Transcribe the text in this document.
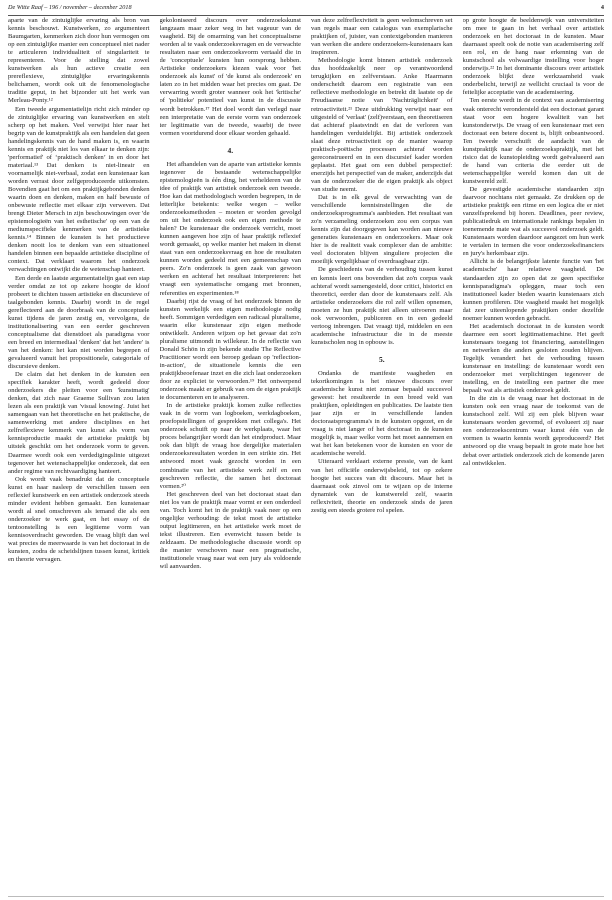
De Witte Raaf – 196 / november – december 2018	4

aparte van de zintuiglijke ervaring als bron van kennis beschouwt. Kunstwerken, zo argumenteert Baumgarten, kenmerken zich door hun vermogen om op een zintuiglijke manier een conceptueel niet nader te articuleren individualiteit of singulariteit te representeren. Voor de stelling dat zowel kunstwerken als hun actieve creatie een prereflexieve, zintuiglijke ervaringskennis belichamen, wordt ook uit de fenomenologische traditie geput, in het bijzonder uit het werk van Merleau-Ponty.¹²

Een tweede argumentatielijn richt zich minder op de zintuiglijke ervaring van kunstwerken en stelt scherp op het maken. Veel verwijst hier naar het begrip van de kunstpraktijk als een handelen dat geen handelingskennis van de hand maken is, en waarin kennis en praktijk niet los van elkaar te denken zijn: 'performatief' of ‘praktisch denken’ in en door het materiaal.¹³ Dat denken is niet-lineair en voornamelijk niet-verbaal, zodat een kunstenaar kan worden verrast door zelfgeproduceerde uitkomsten. Bovendien gaat het om een praktijkgebonden denken waarin doen en denken, maken en half bewuste of onbewuste reflectie met elkaar zijn verweven. Dat brengt Dieter Mersch in zijn beschouwingen over 'de epistemologieën van het esthetische' op een van de mediumspecifieke kenmerken van de artistieke kennis.¹⁴ Binnen de kunsten is het productieve denken nooit los te denken van een situationeel handelen binnen een bepaalde artistieke discipline of context. Dat verklaart waarom het onderzoek verwachtingen ontwijkt die de wetenschap hanteert.

Een derde en laatste argumentatielijn gaat een stap verder omdat ze tot op zekere hoogte de kloof probeert te dichten tussen artistieke en discursieve of taalgebonden kennis. Daarbij wordt in de regel gereflecteerd aan de doorbraak van de conceptuele kunst tijdens de jaren zestig en, vervolgens, de institutionalisering van een eerder geschreven conceptualisme dat dienstdoet als paradigma voor een breed en intermediaal 'denken' dat het 'andere' is van het denken: het kan niet worden begrepen of gevalueerd vanuit het propositionele, categoriale of discursieve denken.

De claim dat het denken in de kunsten een specifiek karakter heeft, wordt gedeeld door onderzoekers die pleiten voor een 'kunstmatig' denken, dat zich naar Graeme Sullivan zou laten lezen als een praktijk van 'visual knowing'. Juist het samengaan van het theoretische en het praktische, de samenwerking met andere disciplines en het zelfreflexieve kenmerk van kunst als vorm van kennisproductie maakt de artistieke praktijk bij uitstek geschikt om het onderzoek vorm te geven. Daarmee wordt ook een verdedigingslinie uitgezet tegenover het wetenschappelijke onderzoek, dat een ander regime van rechtvaardiging hanteert.

Ook wordt vaak benadrukt dat de conceptuele kunst en haar nasleep de verschillen tussen een reflexief kunstwerk en een artistiek onderzoek steeds minder evident hebben gemaakt. Een kunstenaar wordt al snel omschreven als iemand die als een onderzoeker te werk gaat, en het essay of de tentoonstelling is een legitieme vorm van kennisoverdracht geworden. De vraag blijft dan wel wat precies de meerwaarde is van het doctoraat in de kunsten, zodra de scheidslijnen tussen kunst, kritiek en theorie vervagen.

gekoloniseerd discours over onderzoekskunst langzaam maar zeker weg in het vageuur van de vaagheid. Bij de omarming van het conceptualisme worden al te vaak onderzoeksvragen en de verwachte resultaten naar een onderzoeksvorm vertaald die in de 'conceptuele' kunsten hun oorsprong hebben. Artistieke onderzoekers kiezen vaak voor 'het onderzoek als kunst' of 'de kunst als onderzoek' en laten zo in het midden waar het precies om gaat. De verwarring wordt groter wanneer ook het 'kritische' of 'politieke' potentieel van kunst in de discussie wordt betrokken.¹⁷ Het doel wordt dan verlegd naar een interpretatie van de eerste vorm van onderzoek ter legitimatie van de tweede, waarbij de twee vormen voortdurend door elkaar worden gehaald.

4.

Het afhandelen van de aparte van artistieke kennis tegenover de bestaande wetenschappelijke epistemologieën is één ding, het verhelderen van de idee of praktijk van artistiek onderzoek een tweede. Hoe kan dat methodologisch worden begrepen, in de letterlijke betekenis: welke wegen – welke onderzoeksmethoden – moeten er worden gevolgd om uit het onderzoek ook een eigen methode te halen? De kunstenaar die onderzoek verricht, moet kunnen aangeven hoe zijn of haar praktijk reflexief wordt gemaakt, op welke manier het maken in dienst staat van een onderzoeksvraag en hoe de resultaten kunnen worden gedeeld met een gemeenschap van peers. Zo'n onderzoek is geen zaak van gewoon werken en achteraf het resultaat interpreteren: het vraagt een systematische omgang met bronnen, referenties en experimenten.¹⁸

Daarbij rijst de vraag of het onderzoek binnen de kunsten werkelijk een eigen methodologie nodig heeft. Sommigen verdedigen een radicaal pluralisme, waarin elke kunstenaar zijn eigen methode ontwikkelt. Anderen wijzen op het gevaar dat zo'n pluralisme uitmondt in willekeur. In de reflectie van Donald Schön in zijn bekende studie The Reflective Practitioner wordt een beroep gedaan op 'reflection-in-action', de situationele kennis die een praktijkbeoefenaar inzet en die zich laat onderzoeken door ze expliciet te verwoorden.¹⁹ Het ontwerpend onderzoek maakt er gebruik van om de eigen praktijk te documenteren en te analyseren.

In de artistieke praktijk komen zulke reflecties vaak in de vorm van logboeken, werkdagboeken, proefopstellingen of gesprekken met collega's. Het onderzoek schuift op naar de werkplaats, waar het proces belangrijker wordt dan het eindproduct. Maar ook dan blijft de vraag hoe dergelijke materialen onderzoeksresultaten worden in een strikte zin. Het antwoord moet vaak gezocht worden in een combinatie van het artistieke werk zelf en een geschreven reflectie, die samen het doctoraat vormen.²⁰

Het geschreven deel van het doctoraat staat dan niet los van de praktijk maar vormt er een onderdeel van. Toch komt het in de praktijk vaak neer op een ongelijke verhouding: de tekst moet de artistieke output legitimeren, en het artistieke werk moet de tekst illustreren. Een evenwicht tussen beide is zeldzaam. De methodologische discussie wordt op die manier verschoven naar een pragmatische, institutionele vraag naar wat een jury als voldoende wil aanvaarden.

van deze zelfreflexiviteit is geen welomschreven set van regels maar een catalogus van exemplarische praktijken of, juister, van contextgebonden manieren van werken die andere onderzoekers-kunstenaars kan inspireren.

Methodologie komt binnen artistiek onderzoek dus hoofdzakelijk neer op verantwoordend terugkijken en zelfverstaan. Anke Haarmann onderscheidt daarom een registratie van een reflectieve methodologie en betrekt dit laatste op de Freudiaanse notie van 'Nachträglichkeit' of retroactiviteit.²¹ Deze uitdrukking verwijst naar een uitgesteld of 'verlaat' (zelf)verstaan, een theoretiseren dat achteraf plaatsvindt en dat de verloren van handelingen verduidelijkt. Bij artistiek onderzoek slaat deze retroactiviteit op de manier waarop praktisch-poëtische processen achteraf worden gereconstrueerd en in een discursief kader worden geplaatst. Het gaat om een dubbel perspectief: enerzijds het perspectief van de maker, anderzijds dat van de onderzoeker die de eigen praktijk als object van studie neemt.

Dat is in elk geval de verwachting van de verschillende kennisinstellingen die de onderzoeksprogramma's aanbieden. Het resultaat van zo'n verzameling onderzoeken zou een corpus van kennis zijn dat doorgegeven kan worden aan nieuwe generaties kunstenaars en onderzoekers. Maar ook hier is de realiteit vaak complexer dan de ambitie: veel doctoraten blijven singuliere projecten die moeilijk vergelijkbaar of overdraagbaar zijn.

De geschiedenis van de verhouding tussen kunst en kennis leert ons bovendien dat zo'n corpus vaak achteraf wordt samengesteld, door critici, historici en theoretici, eerder dan door de kunstenaars zelf. Als artistieke onderzoekers die rol zelf willen opnemen, moeten ze hun praktijk niet alleen uitvoeren maar ook verwoorden, publiceren en in een gedeeld vertoog inbrengen. Dat vraagt tijd, middelen en een academische infrastructuur die in de meeste kunstscholen nog in opbouw is.

5.

Ondanks de manifeste vaagheden en tekortkomingen is het nieuwe discours over academische kunst niet zomaar bepaald succesvol geweest: het resulteerde in een breed veld van praktijken, opleidingen en publicaties. De laatste tien jaar zijn er in verschillende landen doctoraatsprogramma's in de kunsten opgezet, en de vraag is niet langer of het doctoraat in de kunsten mogelijk is, maar welke vorm het moet aannemen en wat het kan betekenen voor de kunsten en voor de academische wereld.

Uiteraard verklaart externe pressie, van de kant van het officiële onderwijsbeleid, tot op zekere hoogte het succes van dit discours. Maar het is daarnaast ook zinvol om te wijzen op de interne dynamiek van de kunstwereld zelf, waarin reflexiviteit, theorie en onderzoek sinds de jaren zestig een steeds grotere rol spelen.

op grote hoogte de beeldenwijk van universiteiten om mee te gaan in het verhaal over artistiek onderzoek en het doctoraat in de kunsten. Maar daarnaast speelt ook de notie van academisering zelf een rol, en de hang naar erkenning van de kunstschool als volwaardige instelling voor hoger onderwijs.²² In het dominante discours over artistiek onderzoek blijkt deze werkzaamheid vaak onderbelicht, terwijl ze wellicht cruciaal is voor de feitelijke acceptatie van de academisering.

Ten eerste wordt in de context van academisering vaak onterecht verondersteld dat een doctoraat garant staat voor een hogere kwaliteit van het kunstonderwijs. De vraag of een kunstenaar met een doctoraat een betere docent is, blijft onbeantwoord. Ten tweede verschuift de aandacht van de kunstpraktijk naar de onderzoekspraktijk, met het risico dat de kunstopleiding wordt geëvalueerd aan de hand van criteria die eerder uit de wetenschappelijke wereld komen dan uit de kunstwereld zelf.

De gevestigde academische standaarden zijn daarvoor nochtans niet gemaakt. Ze drukken op de artistieke praktijk een ritme en een logica die er niet vanzelfsprekend bij horen. Deadlines, peer review, publicatiedruk en internationale rankings bepalen in toenemende mate wat als succesvol onderzoek geldt. Kunstenaars worden daardoor aangezet om hun werk te vertalen in termen die voor onderzoeksfinanciers en jury's herkenbaar zijn.

Allicht is de belangrijkste latente functie van 'het academische' haar relatieve vaagheid. De standaarden zijn zo open dat ze geen specifieke kennisparadigma's opleggen, maar toch een institutioneel kader bieden waarin kunstenaars zich kunnen profileren. Die vaagheid maakt het mogelijk dat zeer uiteenlopende praktijken onder dezelfde noemer kunnen worden gebracht.

Het academisch doctoraat in de kunsten wordt daarmee een soort legitimatiemachine. Het geeft kunstenaars toegang tot financiering, aanstellingen en netwerken die anders gesloten zouden blijven. Tegelijk verandert het de verhouding tussen kunstenaar en instelling: de kunstenaar wordt een onderzoeker met verplichtingen tegenover de instelling, en de instelling een partner die mee bepaalt wat als artistiek onderzoek geldt.

In die zin is de vraag naar het doctoraat in de kunsten ook een vraag naar de toekomst van de kunstschool zelf. Wil zij een plek blijven waar kunstenaars worden gevormd, of evolueert zij naar een onderzoekscentrum waar kunst één van de vormen is waarin kennis wordt geproduceerd? Het antwoord op die vraag bepaalt in grote mate hoe het debat over artistiek onderzoek zich de komende jaren zal ontwikkelen.
